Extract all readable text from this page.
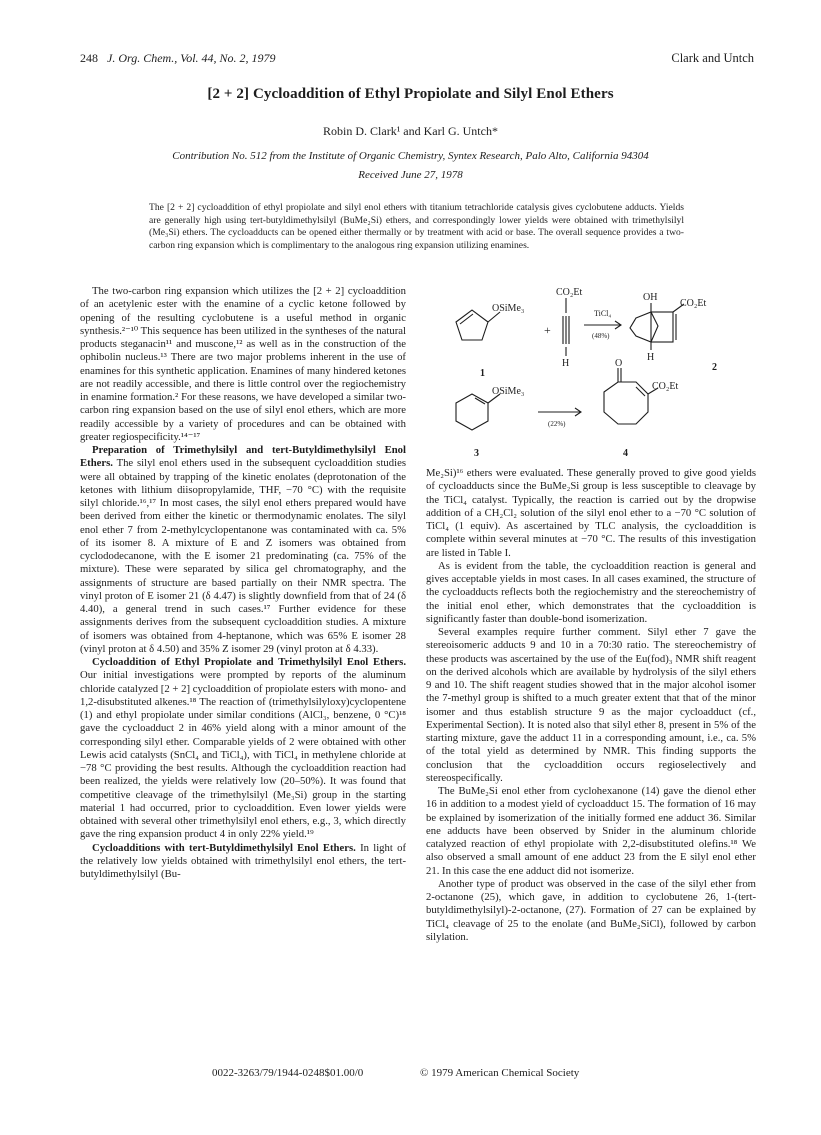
248 J. Org. Chem., Vol. 44, No. 2, 1979	Clark and Untch
[2 + 2] Cycloaddition of Ethyl Propiolate and Silyl Enol Ethers
Robin D. Clark¹ and Karl G. Untch*
Contribution No. 512 from the Institute of Organic Chemistry, Syntex Research, Palo Alto, California 94304
Received June 27, 1978
The [2 + 2] cycloaddition of ethyl propiolate and silyl enol ethers with titanium tetrachloride catalysis gives cyclobutene adducts. Yields are generally high using tert-butyldimethylsilyl (BuMe₂Si) ethers, and correspondingly lower yields were obtained with trimethylsilyl (Me₃Si) ethers. The cycloadducts can be opened either thermally or by treatment with acid or base. The overall sequence provides a two-carbon ring expansion which is complimentary to the analogous ring expansion utilizing enamines.

The two-carbon ring expansion which utilizes the [2 + 2] cycloaddition of an acetylenic ester with the enamine of a cyclic ketone followed by opening of the resulting cyclobutene is a useful method in organic synthesis.²⁻¹⁰ This sequence has been utilized in the syntheses of the natural products steganacin¹¹ and muscone,¹² as well as in the construction of the ophibolin nucleus.¹³ There are two major problems inherent in the use of enamines for this synthetic application. Enamines of many hindered ketones are not readily accessible, and there is little control over the regiochemistry in enamine formation.² For these reasons, we have developed a similar two-carbon ring expansion based on the use of silyl enol ethers, which are more readily accessible by a variety of procedures and can be obtained with greater regiospecificity.¹⁴⁻¹⁷

Preparation of Trimethylsilyl and tert-Butyldimethylsilyl Enol Ethers. The silyl enol ethers used in the subsequent cycloaddition studies were all obtained by trapping of the kinetic enolates (deprotonation of the ketones with lithium diisopropylamide, THF, −70 °C) with the requisite silyl chloride.¹⁶,¹⁷ In most cases, the silyl enol ethers prepared would have been derived from either the kinetic or thermodynamic enolates. The silyl enol ether 7 from 2-methylcyclopentanone was contaminated with ca. 5% of its isomer 8. A mixture of E and Z isomers was obtained from cyclododecanone, with the E isomer 21 predominating (ca. 75% of the mixture). These were separated by silica gel chromatography, and the assignments of structure are based partially on their NMR spectra. The vinyl proton of E isomer 21 (δ 4.47) is slightly downfield from that of 24 (δ 4.40), a general trend in such cases.¹⁷ Further evidence for these assignments derives from the subsequent cycloaddition studies. A mixture of isomers was obtained from 4-heptanone, which was 65% E isomer 28 (vinyl proton at δ 4.50) and 35% Z isomer 29 (vinyl proton at δ 4.33).

Cycloaddition of Ethyl Propiolate and Trimethylsilyl Enol Ethers. Our initial investigations were prompted by reports of the aluminum chloride catalyzed [2 + 2] cycloaddition of propiolate esters with mono- and 1,2-disubstituted alkenes.¹⁸ The reaction of (trimethylsilyloxy)cyclopentene (1) and ethyl propiolate under similar conditions (AlCl₃, benzene, 0 °C)¹⁸ gave the cycloadduct 2 in 46% yield along with a minor amount of the corresponding silyl ether. Comparable yields of 2 were obtained with other Lewis acid catalysts (SnCl₄ and TiCl₄), with TiCl₄ in methylene chloride at −78 °C providing the best results. Although the cycloaddition reaction had been realized, the yields were relatively low (20–50%). It was found that competitive cleavage of the trimethylsilyl (Me₃Si) group in the starting material 1 had occurred, prior to cycloaddition. Even lower yields were obtained with several other trimethylsilyl enol ethers, e.g., 3, which directly gave the ring expansion product 4 in only 22% yield.¹⁹

Cycloadditions with tert-Butyldimethylsilyl Enol Ethers. In light of the relatively low yields obtained with trimethylsilyl enol ethers, the tert-butyldimethylsilyl (Bu-

CO₂Et
OSiMe₃
+
TiCl₄
(48%)
H
1
OH
CO₂Et
H
2
OSiMe₃
(22%)
3
O
CO₂Et
4

Me₂Si)¹⁶ ethers were evaluated. These generally proved to give good yields of cycloadducts since the BuMe₂Si group is less susceptible to cleavage by the TiCl₄ catalyst. Typically, the reaction is carried out by the dropwise addition of a CH₂Cl₂ solution of the silyl enol ether to a −70 °C solution of TiCl₄ (1 equiv). As ascertained by TLC analysis, the cycloaddition is complete within several minutes at −70 °C. The results of this investigation are listed in Table I.

As is evident from the table, the cycloaddition reaction is general and gives acceptable yields in most cases. In all cases examined, the structure of the cycloadducts reflects both the regiochemistry and the stereochemistry of the initial enol ether, which demonstrates that the cycloaddition is significantly faster than double-bond isomerization.

Several examples require further comment. Silyl ether 7 gave the stereoisomeric adducts 9 and 10 in a 70:30 ratio. The stereochemistry of these products was ascertained by the use of the Eu(fod)₃ NMR shift reagent on the derived alcohols which are available by hydrolysis of the silyl ethers 9 and 10. The shift reagent studies showed that in the major alcohol isomer the 7-methyl group is shifted to a much greater extent that that of the minor isomer and thus establish structure 9 as the major cycloadduct (cf., Experimental Section). It is noted also that silyl ether 8, present in 5% of the starting mixture, gave the adduct 11 in a corresponding amount, i.e., ca. 5% of the total yield as determined by NMR. This finding supports the conclusion that the cycloaddition occurs regioselectively and stereospecifically.

The BuMe₂Si enol ether from cyclohexanone (14) gave the dienol ether 16 in addition to a modest yield of cycloadduct 15. The formation of 16 may be explained by isomerization of the initially formed ene adduct 36. Similar ene adducts have been observed by Snider in the aluminum chloride catalyzed reaction of ethyl propiolate with 2,2-disubstituted olefins.¹⁸ We also observed a small amount of ene adduct 23 from the E silyl enol ether 21. In this case the ene adduct did not isomerize.

Another type of product was observed in the case of the silyl ether from 2-octanone (25), which gave, in addition to cyclobutene 26, 1-(tert-butyldimethylsilyl)-2-octanone, (27). Formation of 27 can be explained by TiCl₄ cleavage of 25 to the enolate (and BuMe₂SiCl), followed by carbon silylation.

0022-3263/79/1944-0248$01.00/0	© 1979 American Chemical Society
